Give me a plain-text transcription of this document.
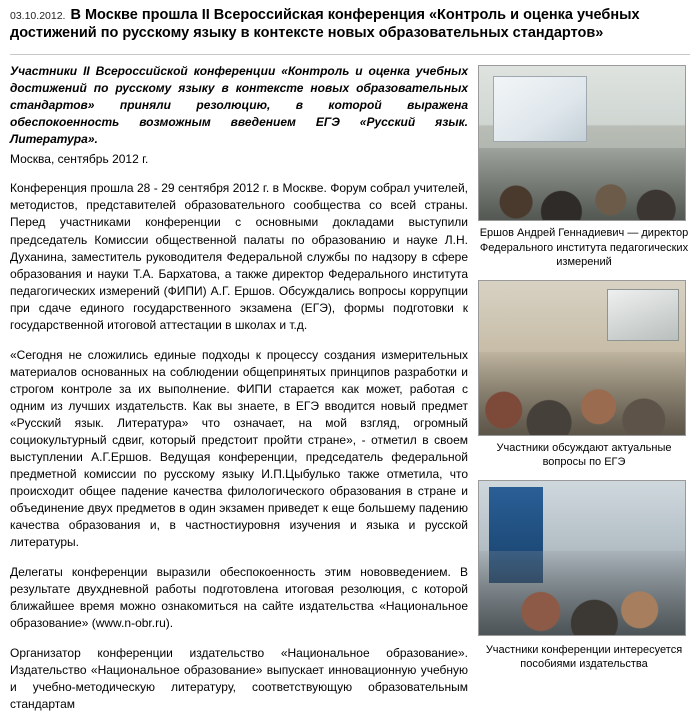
03.10.2012. В Москве прошла II Всероссийская конференция «Контроль и оценка учебных достижений по русскому языку в контексте новых образовательных стандартов»

Участники II Всероссийской конференции «Контроль и оценка учебных достижений по русскому языку в контексте новых образовательных стандартов» приняли резолюцию, в которой выражена обеспокоенность возможным введением ЕГЭ «Русский язык. Литература».

Москва, сентябрь 2012 г.

Конференция прошла 28 - 29 сентября 2012 г. в Москве. Форум собрал учителей, методистов, представителей образовательного сообщества со всей страны. Перед участниками конференции с основными докладами выступили председатель Комиссии общественной палаты по образованию и науке Л.Н. Духанина, заместитель руководителя Федеральной службы по надзору в сфере образования и науки Т.А. Бархатова, а также директор Федерального института педагогических измерений (ФИПИ) А.Г. Ершов. Обсуждались вопросы коррупции при сдаче единого государственного экзамена (ЕГЭ), формы подготовки к государственной итоговой аттестации в школах и т.д.

«Сегодня не сложились единые подходы к процессу создания измерительных материалов основанных на соблюдении общепринятых принципов разработки и строгом контроле за их выполнение. ФИПИ старается как может, работая с одним из лучших издательств. Как вы знаете, в ЕГЭ вводится новый предмет «Русский язык. Литература» что означает, на мой взгляд, огромный социокультурный сдвиг, который предстоит пройти стране», - отметил в своем выступлении А.Г.Ершов. Ведущая конференции, председатель федеральной предметной комиссии по русскому языку И.П.Цыбулько также отметила, что происходит общее падение качества филологического образования в стране и объединение двух предметов в один экзамен приведет к еще большему падению качества образования и, в частностиуровня изучения и языка и русской литературы.

Делегаты конференции выразили обеспокоенность этим нововведением. В результате двухдневной работы подготовлена итоговая резолюция, с которой ближайшее время можно ознакомиться на сайте издательства «Национальное образование» (www.n-obr.ru).

Организатор конференции издательство «Национальное образование». Издательство «Национальное образование» выпускает инновационную учебную и учебно-методическую литературу, соответствующую образовательным стандартам

Ершов Андрей Геннадиевич — директор Федерального института педагогических измерений
Участники обсуждают актуальные вопросы по ЕГЭ
Участники конференции интересуется пособиями издательства
